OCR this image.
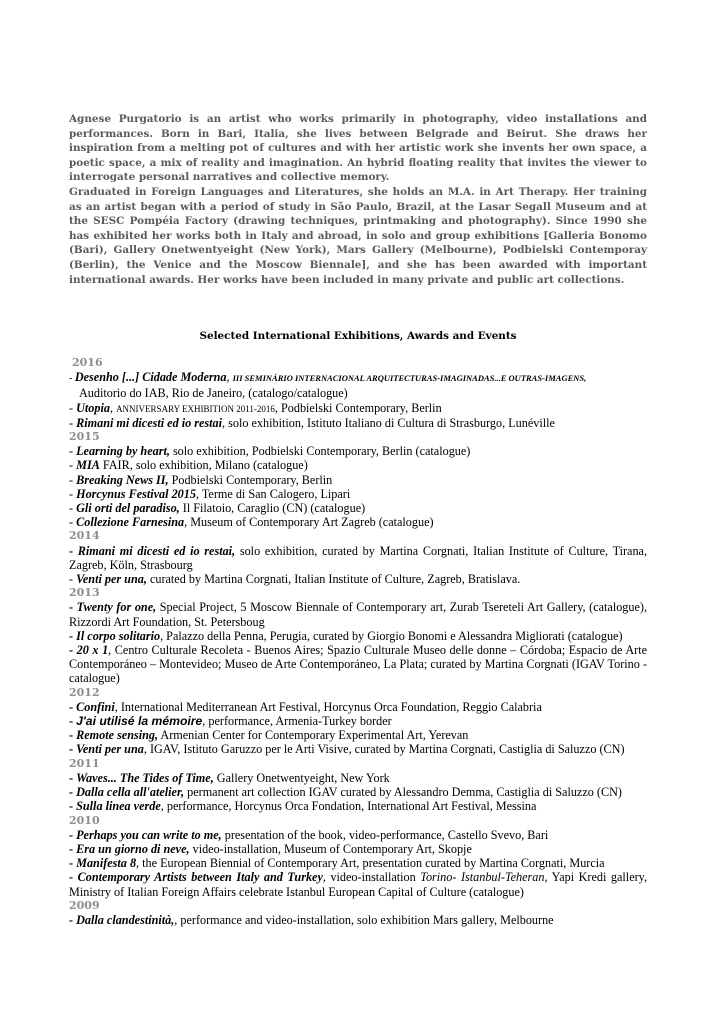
Agnese Purgatorio is an artist who works primarily in photography, video installations and performances. Born in Bari, Italia, she lives between Belgrade and Beirut. She draws her inspiration from a melting pot of cultures and with her artistic work she invents her own space, a poetic space, a mix of reality and imagination. An hybrid floating reality that invites the viewer to interrogate personal narratives and collective memory.

Graduated in Foreign Languages and Literatures, she holds an M.A. in Art Therapy. Her training as an artist began with a period of study in São Paulo, Brazil, at the Lasar Segall Museum and at the SESC Pompéia Factory (drawing techniques, printmaking and photography). Since 1990 she has exhibited her works both in Italy and abroad, in solo and group exhibitions [Galleria Bonomo (Bari), Gallery Onetwentyeight (New York), Mars Gallery (Melbourne), Podbielski Contemporay (Berlin), the Venice and the Moscow Biennale], and she has been awarded with important international awards. Her works have been included in many private and public art collections.

Selected International Exhibitions, Awards and Events

2016
- Desenho [...] Cidade Moderna, III SEMINÁRIO INTERNACIONAL ARQUITECTURAS-IMAGINADAS...E OUTRAS-IMAGENS,
Auditorio do IAB, Rio de Janeiro, (catalogo/catalogue)
- Utopia, ANNIVERSARY EXHIBITION 2011-2016, Podbielski Contemporary, Berlin
- Rimani mi dicesti ed io restai, solo exhibition, Istituto Italiano di Cultura di Strasburgo, Lunéville
2015
- Learning by heart, solo exhibition, Podbielski Contemporary, Berlin (catalogue)
- MIA FAIR, solo exhibition, Milano (catalogue)
- Breaking News II, Podbielski Contemporary, Berlin
- Horcynus Festival 2015, Terme di San Calogero, Lipari
- Gli orti del paradiso, Il Filatoio, Caraglio (CN) (catalogue)
- Collezione Farnesina, Museum of Contemporary Art Zagreb (catalogue)
2014
- Rimani mi dicesti ed io restai, solo exhibition, curated by Martina Corgnati, Italian Institute of Culture, Tirana, Zagreb, Köln, Strasbourg
- Venti per una, curated by Martina Corgnati, Italian Institute of Culture, Zagreb, Bratislava.
2013
- Twenty for one, Special Project, 5 Moscow Biennale of Contemporary art, Zurab Tsereteli Art Gallery, (catalogue), Rizzordi Art Foundation, St. Petersboug
- Il corpo solitario, Palazzo della Penna, Perugia, curated by Giorgio Bonomi e Alessandra Migliorati (catalogue)
- 20 x 1, Centro Culturale Recoleta - Buenos Aires; Spazio Culturale Museo delle donne – Córdoba; Espacio de Arte Contemporáneo – Montevideo; Museo de Arte Contemporáneo, La Plata; curated by Martina Corgnati (IGAV Torino - catalogue)
2012
- Confini, International Mediterranean Art Festival, Horcynus Orca Foundation, Reggio Calabria
- J'ai utilisé la mémoire, performance, Armenia-Turkey border
- Remote sensing, Armenian Center for Contemporary Experimental Art, Yerevan
- Venti per una, IGAV, Istituto Garuzzo per le Arti Visive, curated by Martina Corgnati, Castiglia di Saluzzo (CN)
2011
- Waves... The Tides of Time, Gallery Onetwentyeight, New York
- Dalla cella all'atelier, permanent art collection IGAV curated by Alessandro Demma, Castiglia di Saluzzo (CN)
- Sulla linea verde, performance, Horcynus Orca Fondation, International Art Festival, Messina
2010
- Perhaps you can write to me, presentation of the book, video-performance, Castello Svevo, Bari
- Era un giorno di neve, video-installation, Museum of Contemporary Art, Skopje
- Manifesta 8, the European Biennial of Contemporary Art, presentation curated by Martina Corgnati, Murcia
- Contemporary Artists between Italy and Turkey, video-installation Torino- Istanbul-Teheran, Yapi Kredi gallery, Ministry of Italian Foreign Affairs celebrate Istanbul European Capital of Culture (catalogue)
2009
- Dalla clandestinità,, performance and video-installation, solo exhibition Mars gallery, Melbourne
